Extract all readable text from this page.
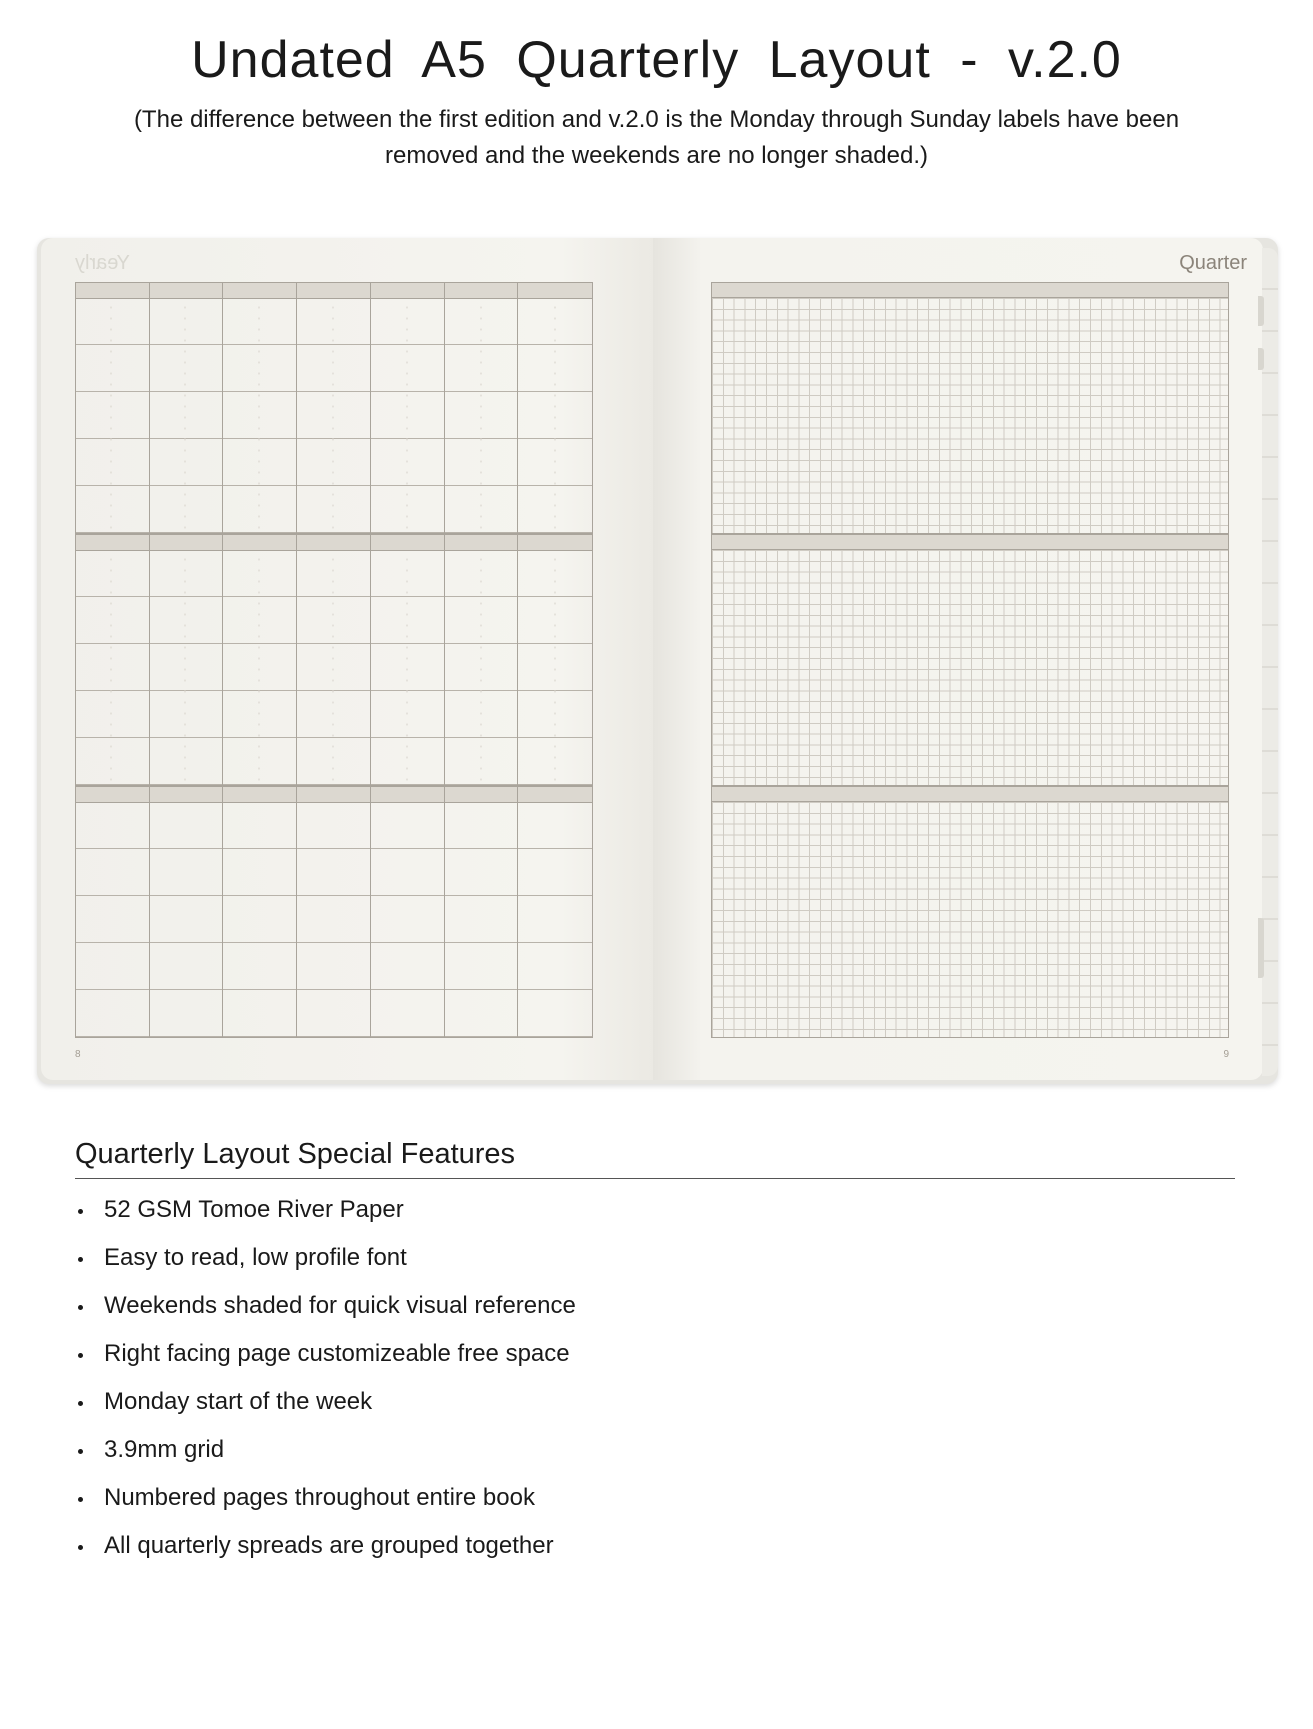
Undated A5 Quarterly Layout - v.2.0
(The difference between the first edition and v.2.0 is the Monday through Sunday labels have been removed and the weekends are no longer shaded.)
Yearly
8
Quarter
9
Quarterly Layout Special Features
52 GSM Tomoe River Paper
Easy to read, low profile font
Weekends shaded for quick visual reference
Right facing page customizeable free space
Monday start of the week
3.9mm grid
Numbered pages throughout entire book
All quarterly spreads are grouped together
